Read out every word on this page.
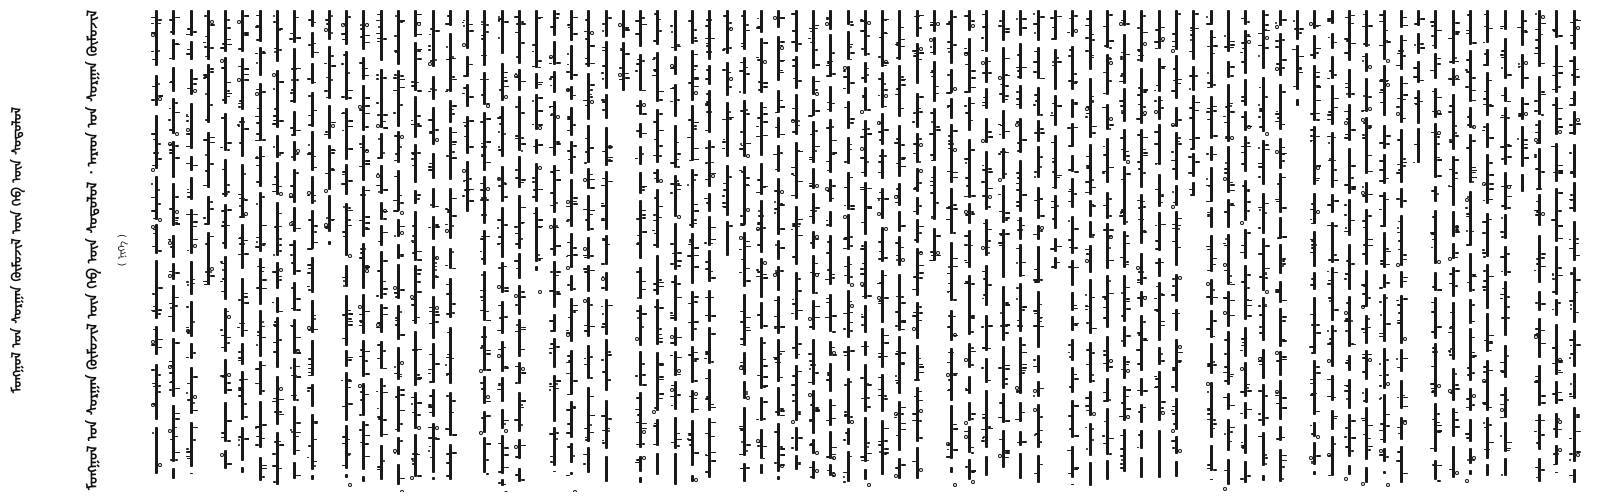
ᠮᠣᠩᠭᠣᠯ ᠤᠨ ᠰᠤᠷᠭᠠᠨ ᠬᠦᠮᠦᠵᠢᠯ ᠦᠨ ᠬᠡᠪ ᠦᠨ ᠰᠤᠳᠤᠯᠤᠯ	ᠮᠣᠩᠭᠣᠯ ᠤᠨ ᠰᠤᠷᠭᠠᠨ ᠬᠦᠮᠦᠵᠢᠯ ᠦᠨ ᠬᠡᠪ ᠦᠨ ᠰᠤᠳᠤᠯᠤᠯ ᠂ ᠠᠷᠠᠳ ᠤᠨ ᠰᠤᠷᠭᠠᠨ ᠬᠦᠮᠦᠵᠢᠯ	( ᠨᠢᠭᠡ )
